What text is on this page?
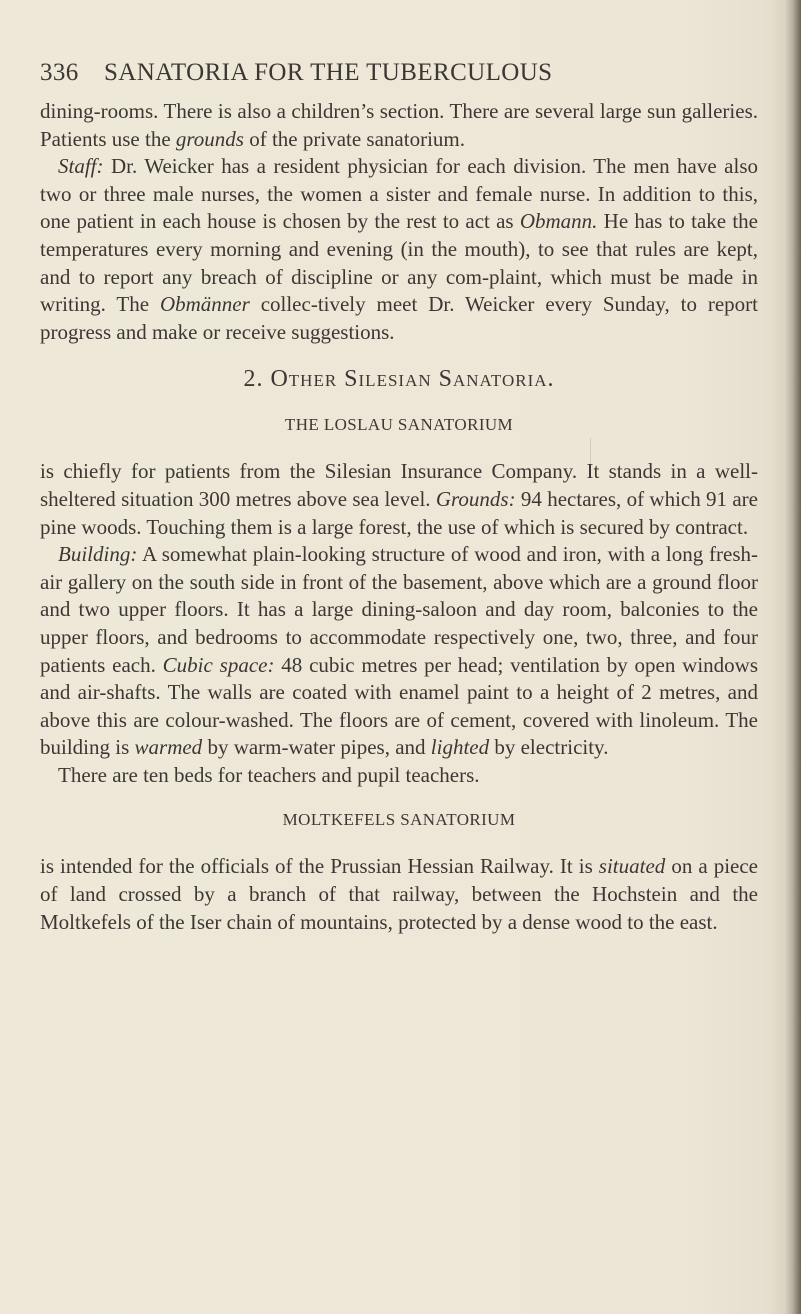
336 SANATORIA FOR THE TUBERCULOUS

dining-rooms. There is also a children’s section. There are several large sun galleries. Patients use the grounds of the private sanatorium.

Staff: Dr. Weicker has a resident physician for each division. The men have also two or three male nurses, the women a sister and female nurse. In addition to this, one patient in each house is chosen by the rest to act as Obmann. He has to take the temperatures every morning and evening (in the mouth), to see that rules are kept, and to report any breach of discipline or any com-plaint, which must be made in writing. The Obmänner collec-tively meet Dr. Weicker every Sunday, to report progress and make or receive suggestions.

2. Other Silesian Sanatoria.
THE LOSLAU SANATORIUM

is chiefly for patients from the Silesian Insurance Company. It stands in a well-sheltered situation 300 metres above sea level. Grounds: 94 hectares, of which 91 are pine woods. Touching them is a large forest, the use of which is secured by contract.

Building: A somewhat plain-looking structure of wood and iron, with a long fresh-air gallery on the south side in front of the basement, above which are a ground floor and two upper floors. It has a large dining-saloon and day room, balconies to the upper floors, and bedrooms to accommodate respectively one, two, three, and four patients each. Cubic space: 48 cubic metres per head; ventilation by open windows and air-shafts. The walls are coated with enamel paint to a height of 2 metres, and above this are colour-washed. The floors are of cement, covered with linoleum. The building is warmed by warm-water pipes, and lighted by electricity.

There are ten beds for teachers and pupil teachers.

MOLTKEFELS SANATORIUM

is intended for the officials of the Prussian Hessian Railway. It is situated on a piece of land crossed by a branch of that railway, between the Hochstein and the Moltkefels of the Iser chain of mountains, protected by a dense wood to the east.
